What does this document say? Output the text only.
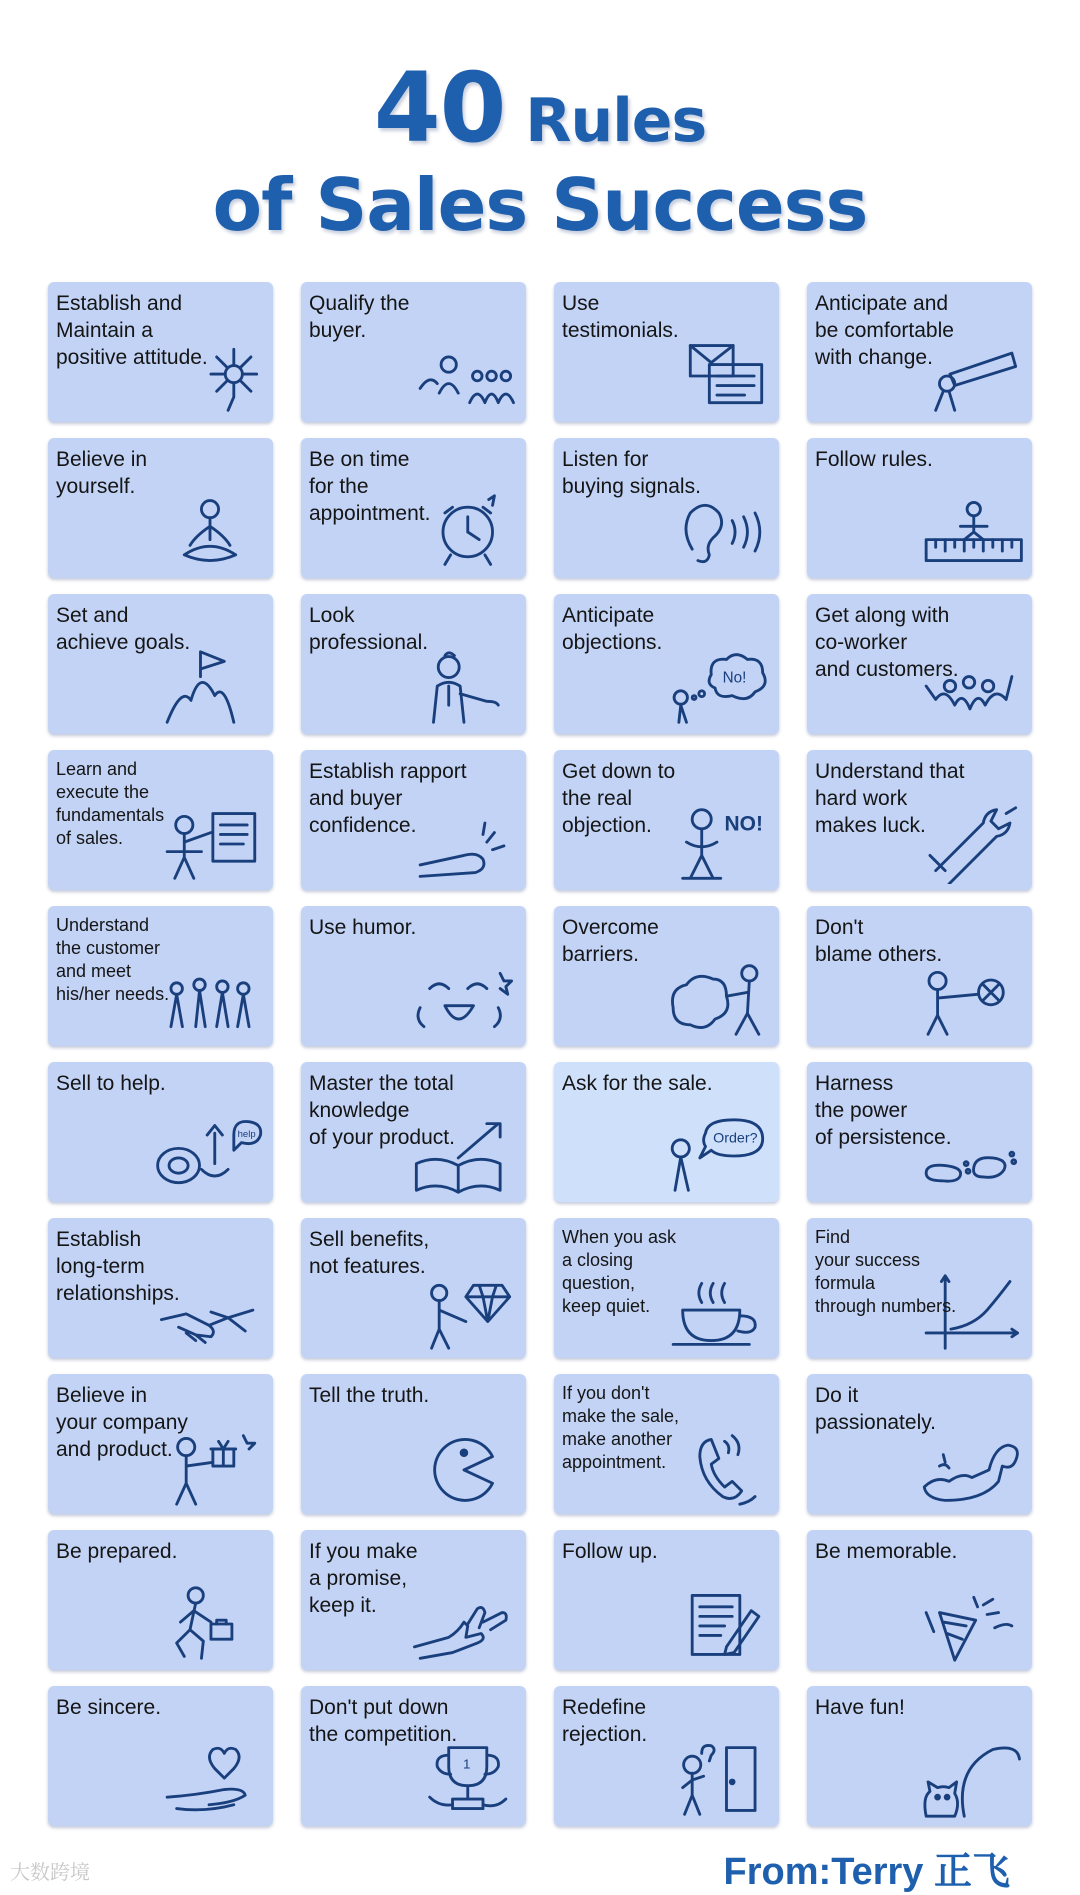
40 Rules
of Sales Success
Establish and
Maintain a
positive attitude.
Qualify the
buyer.
Use
testimonials.
Anticipate and
be comfortable
with change.
Believe in
yourself.
Be on time
for the
appointment.
Listen for
buying signals.
Follow rules.
Set and
achieve goals.
Look
professional.
No!
Anticipate
objections.
Get along with
co-worker
and customers.
Learn and
execute the
fundamentals
of sales.
Establish rapport
and buyer
confidence.	NO!
Get down to
the real
objection.
Understand that
hard work
makes luck.
Understand
the customer
and meet
his/her needs.
Use humor.	Overcome
barriers.
Don't
blame others.
help
Sell to help.	Master the total
knowledge
of your product.	Order?
Ask for the sale.	Harness
the power
of persistence.
Establish
long-term
relationships.
Sell benefits,
not features.
When you ask
a closing
question,
keep quiet.
Find
your success
formula
through numbers.
Believe in
your company
and product.
Tell the truth.	If you don't
make the sale,
make another
appointment.
Do it
passionately.
Be prepared.	If you make
a promise,
keep it.
Follow up.	Be memorable.
Be sincere.
1
Don't put down
the competition.
Redefine
rejection.
Have fun!
From:Terry 正飞
大数跨境
